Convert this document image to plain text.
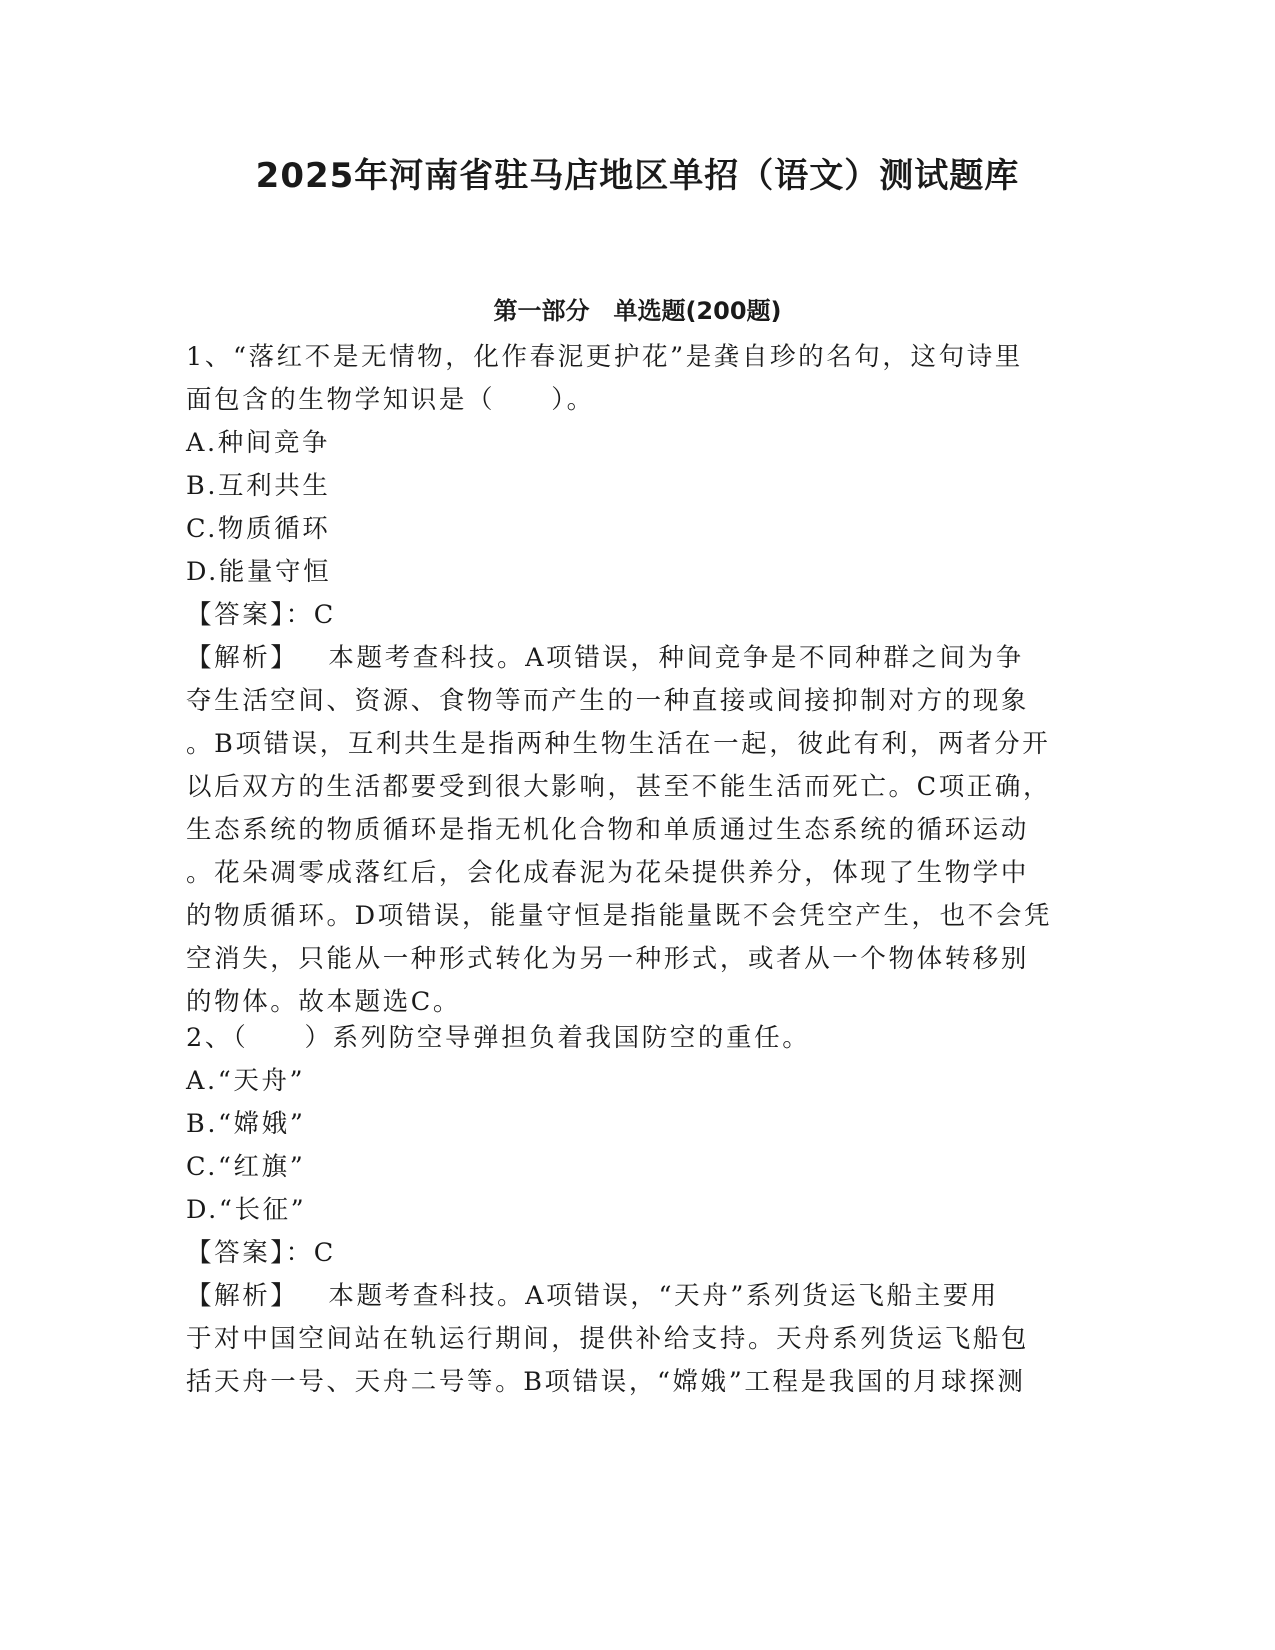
2025年河南省驻马店地区单招（语文）测试题库
第一部分　单选题(200题)
1、“落红不是无情物，化作春泥更护花”是龚自珍的名句，这句诗里
面包含的生物学知识是（　　）。
A.种间竞争
B.互利共生
C.物质循环
D.能量守恒
【答案】：C
【解析】 本题考查科技。A项错误，种间竞争是不同种群之间为争
夺生活空间、资源、食物等而产生的一种直接或间接抑制对方的现象
。B项错误，互利共生是指两种生物生活在一起，彼此有利，两者分开
以后双方的生活都要受到很大影响，甚至不能生活而死亡。C项正确，
生态系统的物质循环是指无机化合物和单质通过生态系统的循环运动
。花朵凋零成落红后，会化成春泥为花朵提供养分，体现了生物学中
的物质循环。D项错误，能量守恒是指能量既不会凭空产生，也不会凭
空消失，只能从一种形式转化为另一种形式，或者从一个物体转移别
的物体。故本题选C。
2、（　　）系列防空导弹担负着我国防空的重任。
A.“天舟”
B.“嫦娥”
C.“红旗”
D.“长征”
【答案】：C
【解析】 本题考查科技。A项错误，“天舟”系列货运飞船主要用
于对中国空间站在轨运行期间，提供补给支持。天舟系列货运飞船包
括天舟一号、天舟二号等。B项错误，“嫦娥”工程是我国的月球探测
